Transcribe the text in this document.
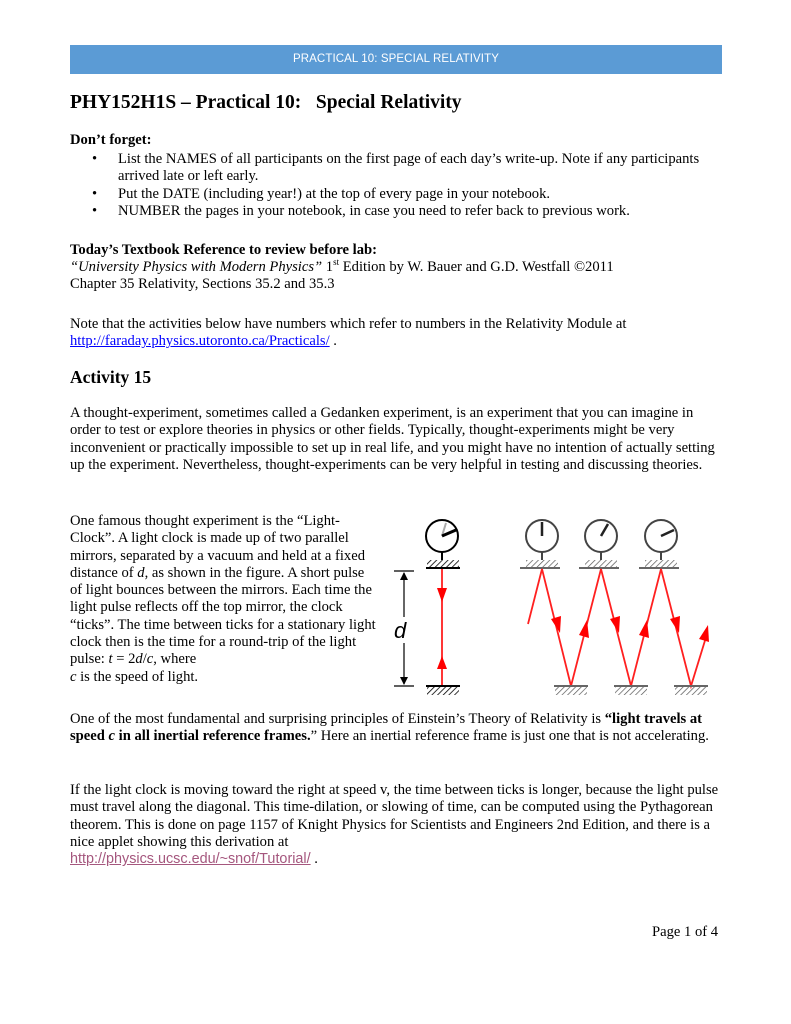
PRACTICAL 10: SPECIAL RELATIVITY
PHY152H1S – Practical 10:   Special Relativity
Don’t forget:
• List the NAMES of all participants on the first page of each day’s write-up. Note if any participants arrived late or left early.
• Put the DATE (including year!) at the top of every page in your notebook.
• NUMBER the pages in your notebook, in case you need to refer back to previous work.
Today’s Textbook Reference to review before lab:
“University Physics with Modern Physics” 1st Edition by W. Bauer and G.D. Westfall ©2011
Chapter 35 Relativity, Sections 35.2 and 35.3
Note that the activities below have numbers which refer to numbers in the Relativity Module at
http://faraday.physics.utoronto.ca/Practicals/ .
Activity 15
A thought-experiment, sometimes called a Gedanken experiment, is an experiment that you can imagine in order to test or explore theories in physics or other fields. Typically, thought-experiments might be very inconvenient or practically impossible to set up in real life, and you might have no intention of actually setting up the experiment. Nevertheless, thought-experiments can be very helpful in testing and discussing theories.
One famous thought experiment is the “Light-Clock”. A light clock is made up of two parallel mirrors, separated by a vacuum and held at a fixed distance of d, as shown in the figure. A short pulse of light bounces between the mirrors. Each time the light pulse reflects off the top mirror, the clock “ticks”. The time between ticks for a stationary light clock then is the time for a round-trip of the light pulse: t = 2d/c, where
c is the speed of light.
d
One of the most fundamental and surprising principles of Einstein’s Theory of Relativity is “light travels at speed c in all inertial reference frames.” Here an inertial reference frame is just one that is not accelerating.
If the light clock is moving toward the right at speed v, the time between ticks is longer, because the light pulse must travel along the diagonal. This time-dilation, or slowing of time, can be computed using the Pythagorean theorem. This is done on page 1157 of Knight Physics for Scientists and Engineers 2nd Edition, and there is a nice applet showing this derivation at
http://physics.ucsc.edu/~snof/Tutorial/ .
Page 1 of 4
